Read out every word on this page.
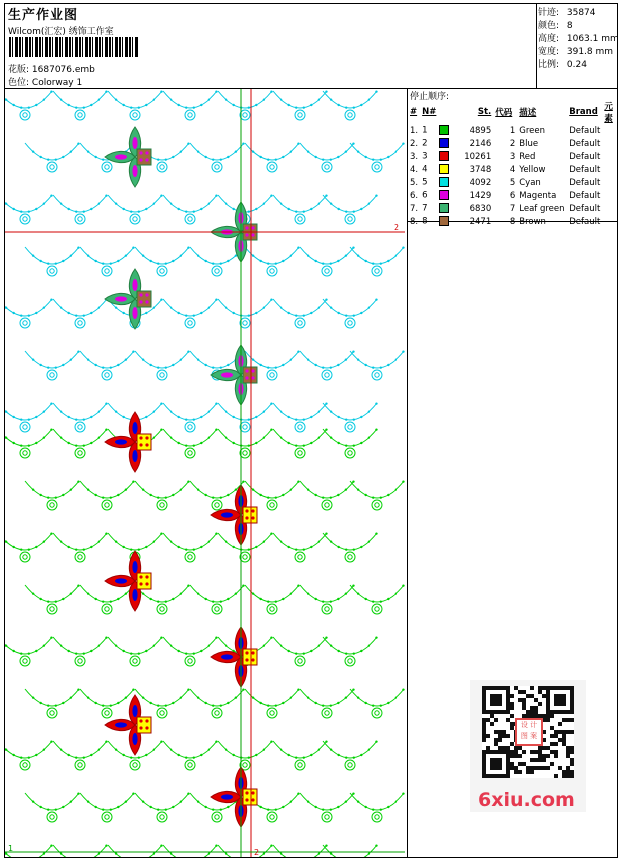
生产作业图
Wilcom(汇宏) 绣饰工作室
花版: 1687076.emb
色位: Colorway 1
针迹: 35874
颜色: 8
高度: 1063.1 mm
宽度: 391.8 mm
比例: 0.24
停止顺序:
#	N#	St.	代码	描述	Brand	元素
1.	1	4895	1	Green	Default	
2.	2	2146	2	Blue	Default	
3.	3	10261	3	Red	Default	
4.	4	3748	4	Yellow	Default	
5.	5	4092	5	Cyan	Default	
6.	6	1429	6	Magenta	Default	
7.	7	6830	7	Leaf green	Default	
8.	8	2471	8	Brown	Default	
2
1	2
设 计 图 案
6xiu.com
